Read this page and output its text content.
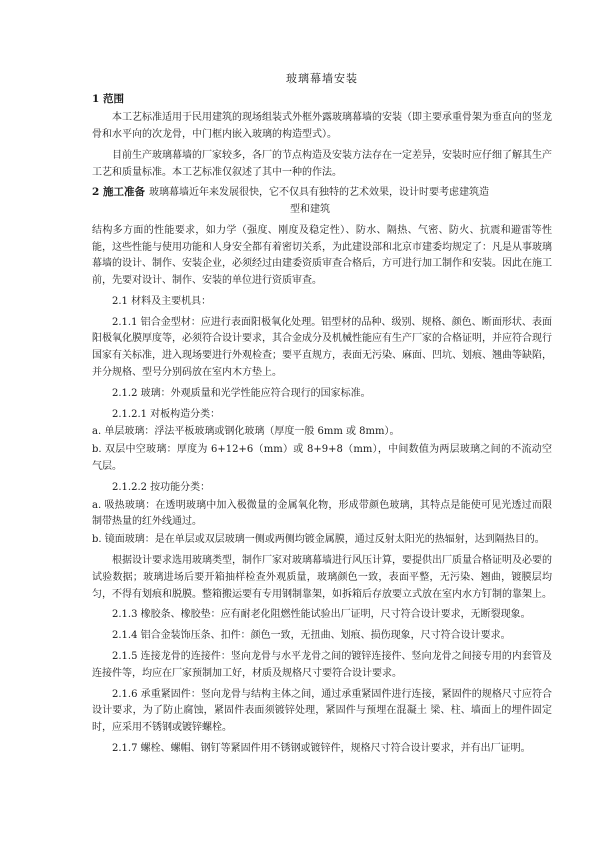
玻璃幕墙安装
1 范围

本工艺标准适用于民用建筑的现场组装式外框外露玻璃幕墙的安装（即主要承重骨架为垂直向的竖龙骨和水平向的次龙骨，中门框内嵌入玻璃的构造型式）。

目前生产玻璃幕墙的厂家较多，各厂的节点构造及安装方法存在一定差异，安装时应仔细了解其生产工艺和质量标准。本工艺标准仅叙述了其中一种的作法。

2 施工准备 玻璃幕墙近年来发展很快，它不仅具有独特的艺术效果，设计时要考虑建筑造

型和建筑

结构多方面的性能要求，如力学（强度、刚度及稳定性）、防水、隔热、气密、防火、抗震和避雷等性能，这些性能与使用功能和人身安全都有着密切关系，为此建设部和北京市建委均规定了：凡是从事玻璃幕墙的设计、制作、安装企业，必须经过由建委资质审查合格后，方可进行加工制作和安装。因此在施工前，先要对设计、制作、安装的单位进行资质审查。

2.1 材料及主要机具：

2.1.1 铝合金型材：应进行表面阳极氧化处理。铝型材的品种、级别、规格、颜色、断面形状、表面阳极氧化膜厚度等，必须符合设计要求，其合金成分及机械性能应有生产厂家的合格证明，并应符合现行国家有关标准，进入现场要进行外观检查；要平直规方，表面无污染、麻面、凹坑、划痕、翘曲等缺陷，并分规格、型号分别码放在室内木方垫上。

2.1.2 玻璃：外观质量和光学性能应符合现行的国家标准。

2.1.2.1 对板构造分类：

a. 单层玻璃：浮法平板玻璃或钢化玻璃（厚度一般 6mm 或 8mm）。

b. 双层中空玻璃：厚度为 6+12+6（mm）或 8+9+8（mm），中间数值为两层玻璃之间的不流动空气层。

2.1.2.2 按功能分类：

a. 吸热玻璃：在透明玻璃中加入极微量的金属氧化物，形成带颜色玻璃，其特点是能使可见光透过而限制带热量的红外线通过。

b. 镜面玻璃：是在单层或双层玻璃一侧或两侧均镀金属膜，通过反射太阳光的热辐射，达到隔热目的。

根据设计要求选用玻璃类型，制作厂家对玻璃幕墙进行风压计算，要提供出厂质量合格证明及必要的试验数据；玻璃进场后要开箱抽样检查外观质量，玻璃颜色一致，表面平整，无污染、翘曲，镀膜层均匀，不得有划痕和脱膜。整箱搬运要有专用钢制靠架，如拆箱后存放要立式放在室内水方钉制的靠架上。

2.1.3 橡胶条、橡胶垫：应有耐老化阻燃性能试验出厂证明，尺寸符合设计要求，无断裂现象。

2.1.4 铝合金装饰压条、扣件：颜色一致，无扭曲、划痕、损伤现象，尺寸符合设计要求。

2.1.5 连接龙骨的连接件：竖向龙骨与水平龙骨之间的镀锌连接件、竖向龙骨之间接专用的内套管及连接件等，均应在厂家预制加工好，材质及规格尺寸要符合设计要求。

2.1.6 承重紧固件：竖向龙骨与结构主体之间，通过承重紧固件进行连接，紧固件的规格尺寸应符合设计要求，为了防止腐蚀，紧固件表面须镀锌处理，紧固件与预埋在混凝土 梁、柱、墙面上的埋件固定时，应采用不锈钢或镀锌螺栓。

2.1.7 螺栓、螺帽、钢钉等紧固件用不锈钢或镀锌件，规格尺寸符合设计要求，并有出厂证明。
